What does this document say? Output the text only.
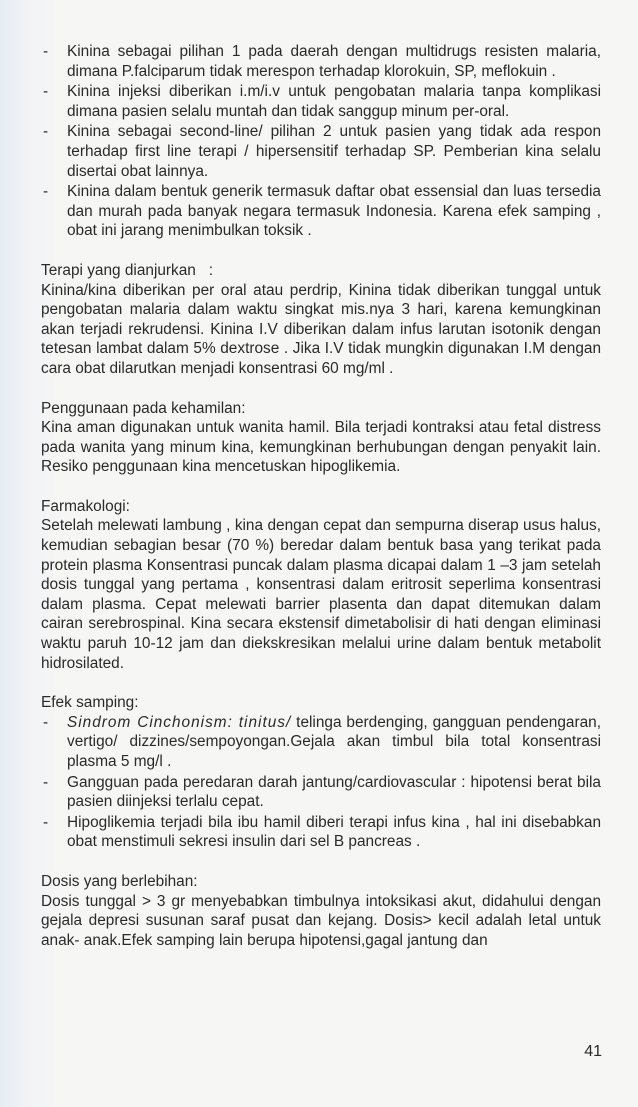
- Kinina sebagai pilihan 1 pada daerah dengan multidrugs resisten malaria, dimana P.falciparum tidak merespon terhadap klorokuin, SP, meflokuin .
- Kinina injeksi diberikan i.m/i.v untuk pengobatan malaria tanpa komplikasi dimana pasien selalu muntah dan tidak sanggup minum per-oral.
- Kinina sebagai second-line/ pilihan 2 untuk pasien yang tidak ada respon terhadap first line terapi / hipersensitif terhadap SP. Pemberian kina selalu disertai obat lainnya.
- Kinina dalam bentuk generik termasuk daftar obat essensial dan luas tersedia dan murah pada banyak negara termasuk Indonesia. Karena efek samping , obat ini jarang menimbulkan toksik .

Terapi yang dianjurkan   :

Kinina/kina diberikan per oral atau perdrip, Kinina tidak diberikan tunggal untuk pengobatan malaria dalam waktu singkat mis.nya 3 hari, karena kemungkinan akan terjadi rekrudensi. Kinina I.V diberikan dalam infus larutan isotonik dengan tetesan lambat dalam 5% dextrose . Jika I.V tidak mungkin digunakan I.M dengan cara obat dilarutkan menjadi konsentrasi 60 mg/ml .

Penggunaan pada kehamilan:

Kina aman digunakan untuk wanita hamil. Bila terjadi kontraksi atau fetal distress pada wanita yang minum kina, kemungkinan berhubungan dengan penyakit lain. Resiko penggunaan kina mencetuskan hipoglikemia.

Farmakologi:

Setelah melewati lambung , kina dengan cepat dan sempurna diserap usus halus, kemudian sebagian besar (70 %) beredar dalam bentuk basa yang terikat pada protein plasma Konsentrasi puncak dalam plasma dicapai dalam 1 –3 jam setelah dosis tunggal yang pertama , konsentrasi dalam eritrosit seperlima konsentrasi dalam plasma. Cepat melewati barrier plasenta dan dapat ditemukan dalam cairan serebrospinal. Kina secara ekstensif dimetabolisir di hati dengan eliminasi waktu paruh 10-12 jam dan diekskresikan melalui urine dalam bentuk metabolit hidrosilated.

Efek samping:

- Sindrom Cinchonism: tinitus/ telinga berdenging, gangguan pendengaran, vertigo/ dizzines/sempoyongan.Gejala akan timbul bila total konsentrasi plasma 5 mg/l .
- Gangguan pada peredaran darah jantung/cardiovascular : hipotensi berat bila pasien diinjeksi terlalu cepat.
- Hipoglikemia terjadi bila ibu hamil diberi terapi infus kina , hal ini disebabkan obat menstimuli sekresi insulin dari sel B pancreas .

Dosis yang berlebihan:

Dosis tunggal > 3 gr menyebabkan timbulnya intoksikasi akut, didahului dengan gejala depresi susunan saraf pusat dan kejang. Dosis> kecil adalah letal untuk anak- anak.Efek samping lain berupa hipotensi,gagal jantung dan

41
